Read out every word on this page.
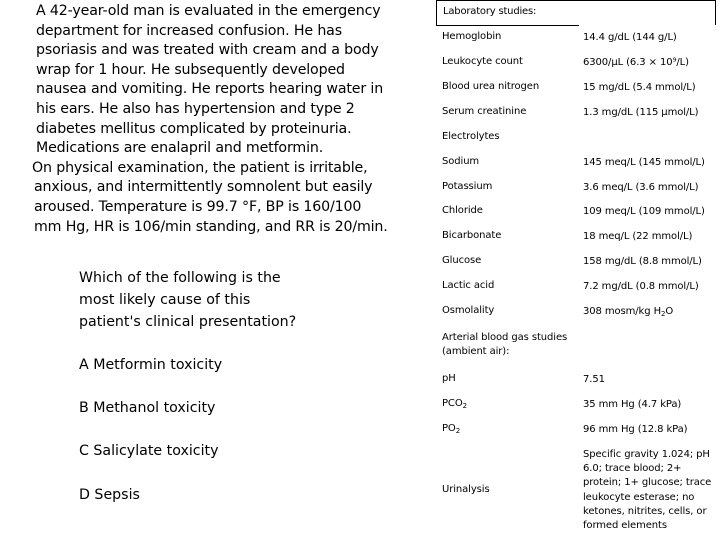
A 42-year-old man is evaluated in the emergency
department for increased confusion. He has
psoriasis and was treated with cream and a body
wrap for 1 hour. He subsequently developed
nausea and vomiting. He reports hearing water in
his ears. He also has hypertension and type 2
diabetes mellitus complicated by proteinuria.
Medications are enalapril and metformin.

On physical examination, the patient is irritable,
anxious, and intermittently somnolent but easily
aroused. Temperature is 99.7 °F, BP is 160/100
mm Hg, HR is 106/min standing, and RR is 20/min.

Which of the following is the
most likely cause of this
patient's clinical presentation?
A Metformin toxicity
B Methanol toxicity
C Salicylate toxicity
D Sepsis
Laboratory studies:
Hemoglobin	14.4 g/dL (144 g/L)
Leukocyte count	6300/µL (6.3 × 10⁹/L)
Blood urea nitrogen	15 mg/dL (5.4 mmol/L)
Serum creatinine	1.3 mg/dL (115 µmol/L)
Electrolytes
Sodium	145 meq/L (145 mmol/L)
Potassium	3.6 meq/L (3.6 mmol/L)
Chloride	109 meq/L (109 mmol/L)
Bicarbonate	18 meq/L (22 mmol/L)
Glucose	158 mg/dL (8.8 mmol/L)
Lactic acid	7.2 mg/dL (0.8 mmol/L)
Osmolality	308 mosm/kg $H_2O$
Arterial blood gas studies
(ambient air):
pH	7.51
$PCO_2$	35 mm Hg (4.7 kPa)
$PO_2$	96 mm Hg (12.8 kPa)
Urinalysis
Specific gravity 1.024; pH
6.0; trace blood; 2+
protein; 1+ glucose; trace
leukocyte esterase; no
ketones, nitrites, cells, or
formed elements
